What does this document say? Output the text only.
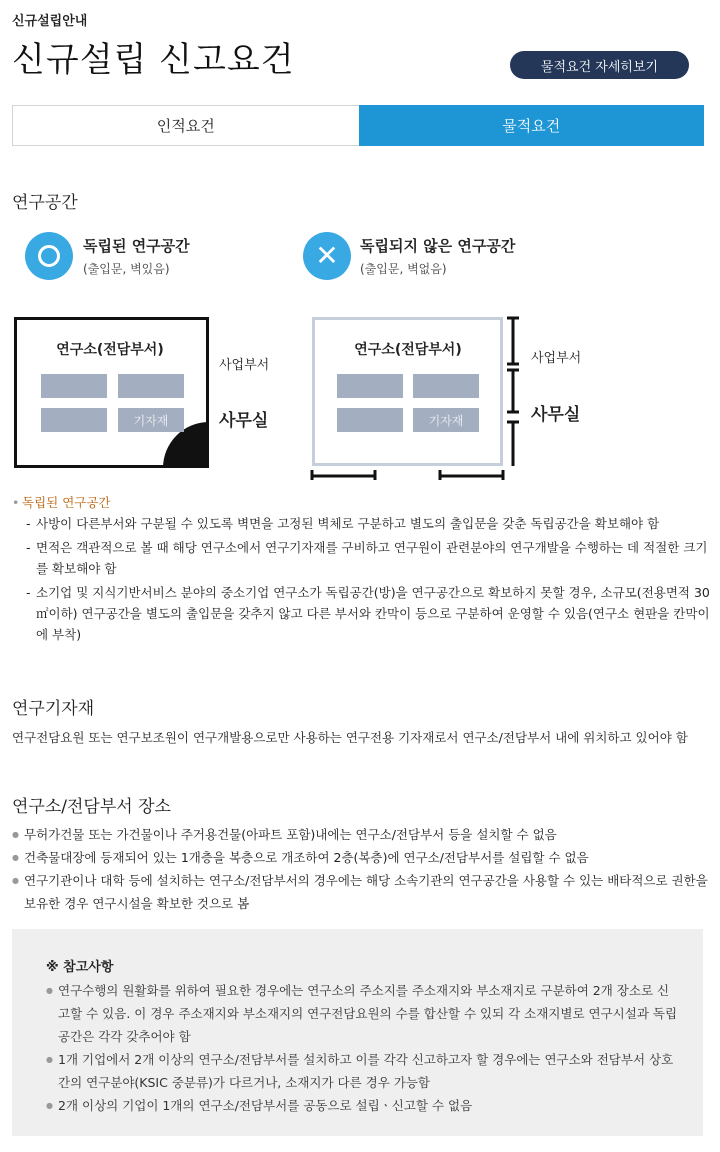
신규설립안내
신규설립 신고요건	물적요건 자세히보기
인적요건	물적요건
연구공간
독립된 연구공간
(출입문, 벽있음)	✕ 독립되지 않은 연구공간
(출입문, 벽없음)
연구소(전담부서)
기자재
사업부서
사무실
연구소(전담부서)
기자재
사업부서
사무실
• 독립된 연구공간
- 사방이 다른부서와 구분될 수 있도록 벽면을 고정된 벽체로 구분하고 별도의 출입문을 갖춘 독립공간을 확보해야 함
- 면적은 객관적으로 볼 때 해당 연구소에서 연구기자재를 구비하고 연구원이 관련분야의 연구개발을 수행하는 데 적절한 크기를 확보해야 함
- 소기업 및 지식기반서비스 분야의 중소기업 연구소가 독립공간(방)을 연구공간으로 확보하지 못할 경우, 소규모(전용면적 30㎡이하) 연구공간을 별도의 출입문을 갖추지 않고 다른 부서와 칸막이 등으로 구분하여 운영할 수 있음(연구소 현판을 칸막이에 부착)
연구기자재
연구전담요원 또는 연구보조원이 연구개발용으로만 사용하는 연구전용 기자재로서 연구소/전담부서 내에 위치하고 있어야 함
연구소/전담부서 장소
● 무허가건물 또는 가건물이나 주거용건물(아파트 포함)내에는 연구소/전담부서 등을 설치할 수 없음
● 건축물대장에 등재되어 있는 1개층을 복층으로 개조하여 2층(복층)에 연구소/전담부서를 설립할 수 없음
● 연구기관이나 대학 등에 설치하는 연구소/전담부서의 경우에는 해당 소속기관의 연구공간을 사용할 수 있는 배타적으로 권한을 보유한 경우 연구시설을 확보한 것으로 봄
※ 참고사항
● 연구수행의 원활화를 위하여 필요한 경우에는 연구소의 주소지를 주소재지와 부소재지로 구분하여 2개 장소로 신고할 수 있음. 이 경우 주소재지와 부소재지의 연구전담요원의 수를 합산할 수 있되 각 소재지별로 연구시설과 독립공간은 각각 갖추어야 함
● 1개 기업에서 2개 이상의 연구소/전담부서를 설치하고 이를 각각 신고하고자 할 경우에는 연구소와 전담부서 상호간의 연구분야(KSIC 중분류)가 다르거나, 소재지가 다른 경우 가능함
● 2개 이상의 기업이 1개의 연구소/전담부서를 공동으로 설립ㆍ신고할 수 없음
